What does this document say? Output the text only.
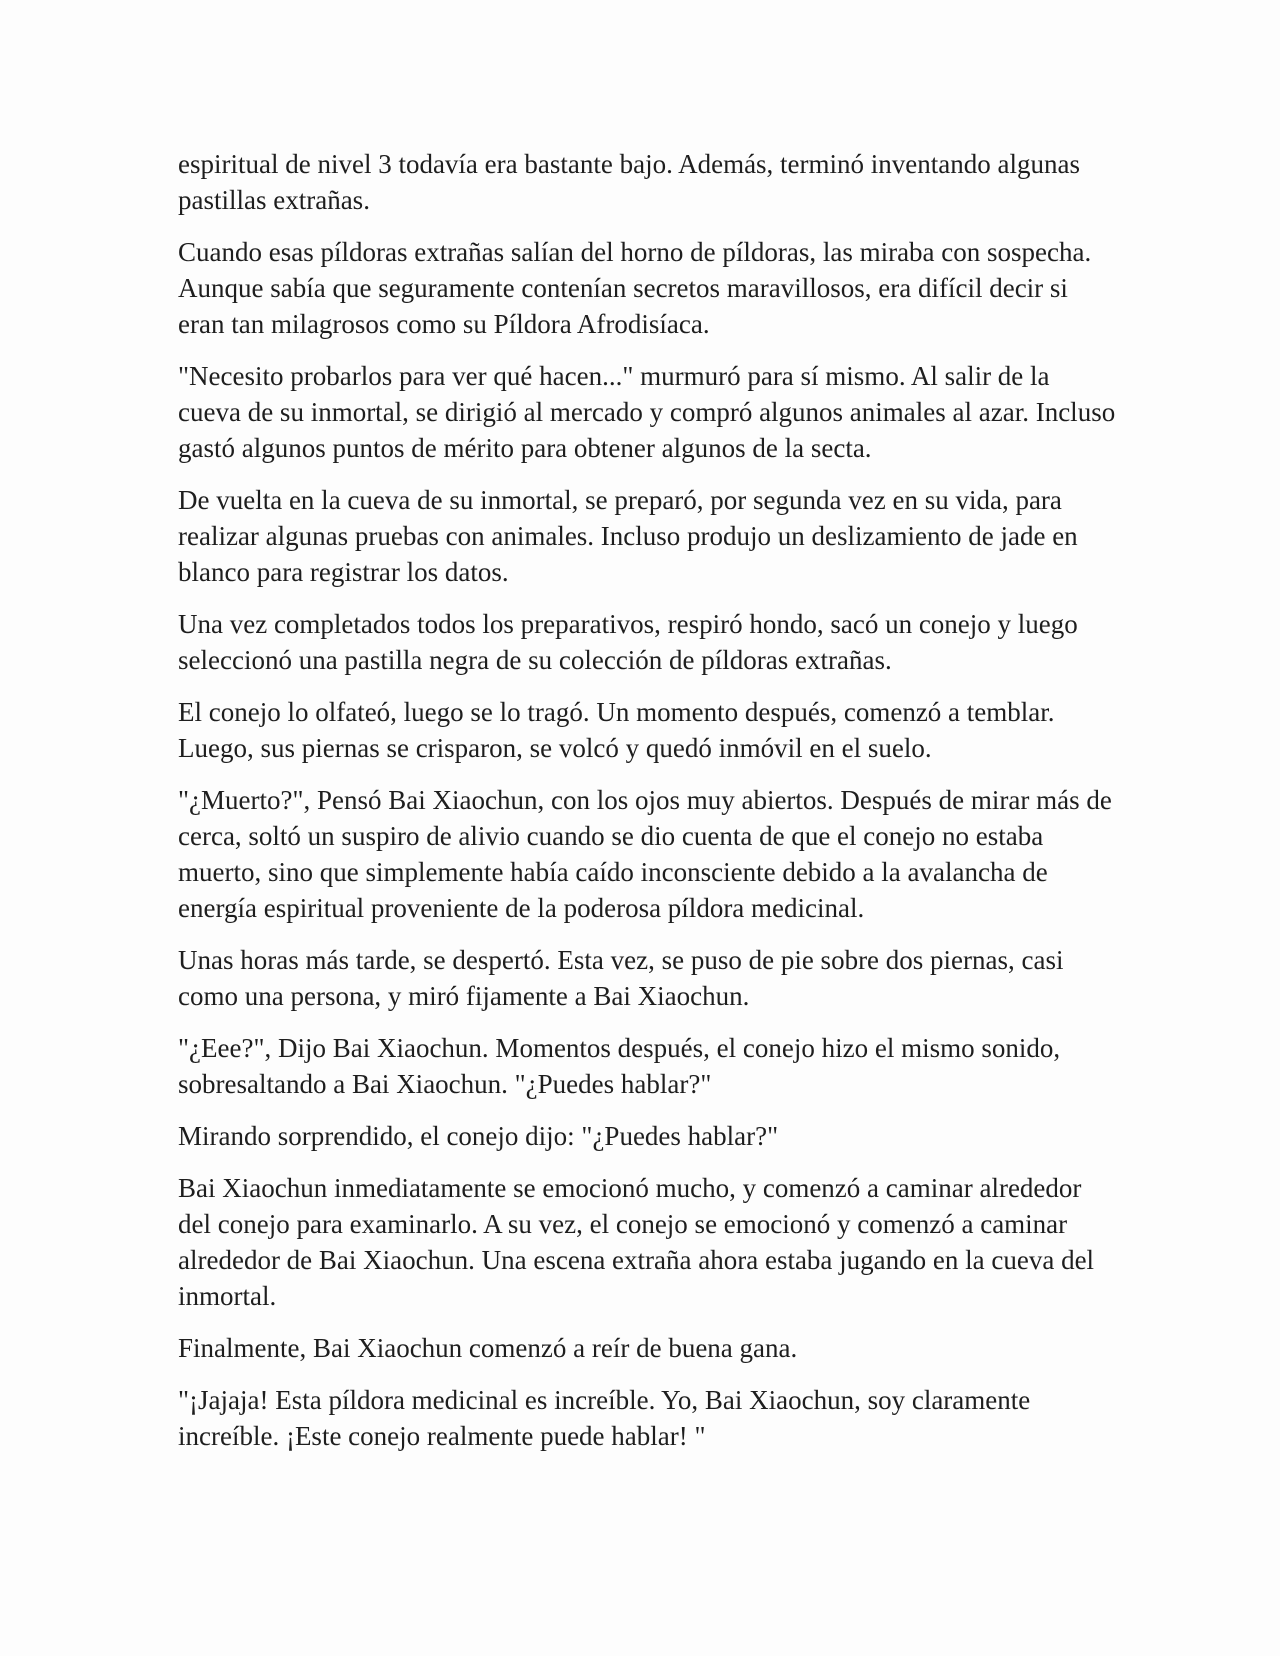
espiritual de nivel 3 todavía era bastante bajo. Además, terminó inventando algunas pastillas extrañas.

Cuando esas píldoras extrañas salían del horno de píldoras, las miraba con sospecha. Aunque sabía que seguramente contenían secretos maravillosos, era difícil decir si eran tan milagrosos como su Píldora Afrodisíaca.

"Necesito probarlos para ver qué hacen..." murmuró para sí mismo. Al salir de la cueva de su inmortal, se dirigió al mercado y compró algunos animales al azar. Incluso gastó algunos puntos de mérito para obtener algunos de la secta.

De vuelta en la cueva de su inmortal, se preparó, por segunda vez en su vida, para realizar algunas pruebas con animales. Incluso produjo un deslizamiento de jade en blanco para registrar los datos.

Una vez completados todos los preparativos, respiró hondo, sacó un conejo y luego seleccionó una pastilla negra de su colección de píldoras extrañas.

El conejo lo olfateó, luego se lo tragó. Un momento después, comenzó a temblar. Luego, sus piernas se crisparon, se volcó y quedó inmóvil en el suelo.

"¿Muerto?", Pensó Bai Xiaochun, con los ojos muy abiertos. Después de mirar más de cerca, soltó un suspiro de alivio cuando se dio cuenta de que el conejo no estaba muerto, sino que simplemente había caído inconsciente debido a la avalancha de energía espiritual proveniente de la poderosa píldora medicinal.

Unas horas más tarde, se despertó. Esta vez, se puso de pie sobre dos piernas, casi como una persona, y miró fijamente a Bai Xiaochun.

"¿Eee?", Dijo Bai Xiaochun. Momentos después, el conejo hizo el mismo sonido, sobresaltando a Bai Xiaochun. "¿Puedes hablar?"

Mirando sorprendido, el conejo dijo: "¿Puedes hablar?"

Bai Xiaochun inmediatamente se emocionó mucho, y comenzó a caminar alrededor del conejo para examinarlo. A su vez, el conejo se emocionó y comenzó a caminar alrededor de Bai Xiaochun. Una escena extraña ahora estaba jugando en la cueva del inmortal.

Finalmente, Bai Xiaochun comenzó a reír de buena gana.

"¡Jajaja! Esta píldora medicinal es increíble. Yo, Bai Xiaochun, soy claramente increíble. ¡Este conejo realmente puede hablar! "
